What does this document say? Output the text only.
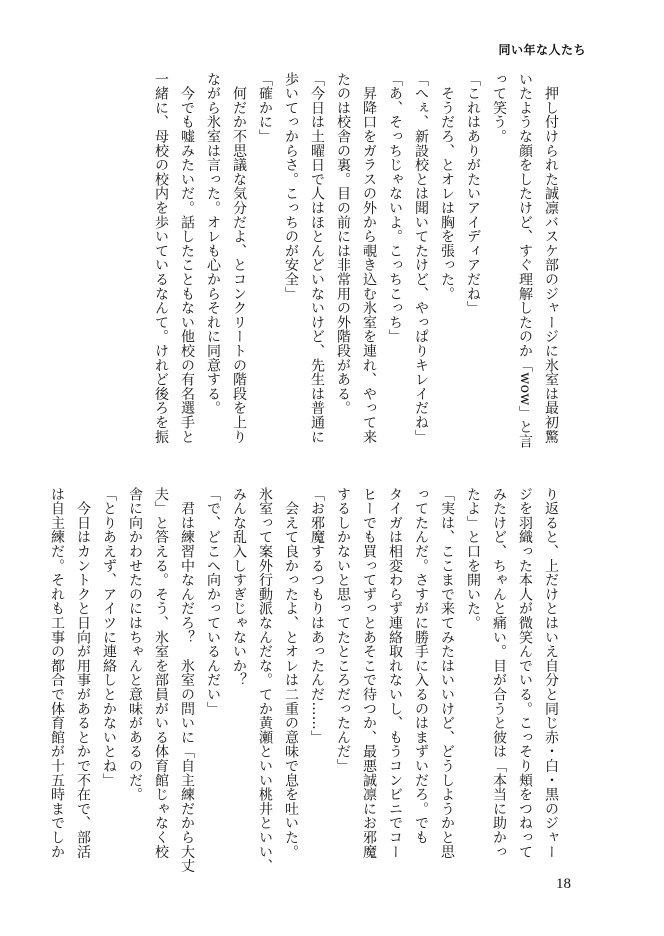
同い年な人たち
　押し付けられた誠凛バスケ部のジャージに氷室は最初驚
いたような顔をしたけど、すぐ理解したのか「wow」と言
って笑う。
「これはありがたいアイディアだね」
　そうだろ、とオレは胸を張った。
「へぇ、新設校とは聞いてたけど、やっぱりキレイだね」
「あ、そっちじゃないよ。こっちこっち」
　昇降口をガラスの外から覗き込む氷室を連れ、やって来
たのは校舎の裏。目の前には非常用の外階段がある。
「今日は土曜日で人はほとんどいないけど、先生は普通に
歩いてっからさ。こっちのが安全」
「確かに」
　何だか不思議な気分だよ、とコンクリートの階段を上り
ながら氷室は言った。オレも心からそれに同意する。
　今でも嘘みたいだ。話したこともない他校の有名選手と
一緒に、母校の校内を歩いているなんて。けれど後ろを振
り返ると、上だけとはいえ自分と同じ赤・白・黒のジャー
ジを羽織った本人が微笑んでいる。こっそり頬をつねって
みたけど、ちゃんと痛い。目が合うと彼は「本当に助かっ
たよ」と口を開いた。
「実は、ここまで来てみたはいいけど、どうしようかと思
ってたんだ。さすがに勝手に入るのはまずいだろ。でも
タイガは相変わらず連絡取れないし、もうコンビニでコー
ヒーでも買ってずっとあそこで待つか、最悪誠凛にお邪魔
するしかないと思ってたところだったんだ」
「お邪魔するつもりはあったんだ……」
　会えて良かったよ、とオレは二重の意味で息を吐いた。
氷室って案外行動派なんだな。てか黄瀬といい桃井といい、
みんな乱入しすぎじゃないか？
「で、どこへ向かっているんだい」
　君は練習中なんだろ？　氷室の問いに「自主練だから大丈
夫」と答える。そう、氷室を部員がいる体育館じゃなく校
舎に向かわせたのにはちゃんと意味があるのだ。
「とりあえず、アイツに連絡しとかないとね」
　今日はカントクと日向が用事があるとかで不在で、部活
は自主練だ。それも工事の都合で体育館が十五時までしか
18
